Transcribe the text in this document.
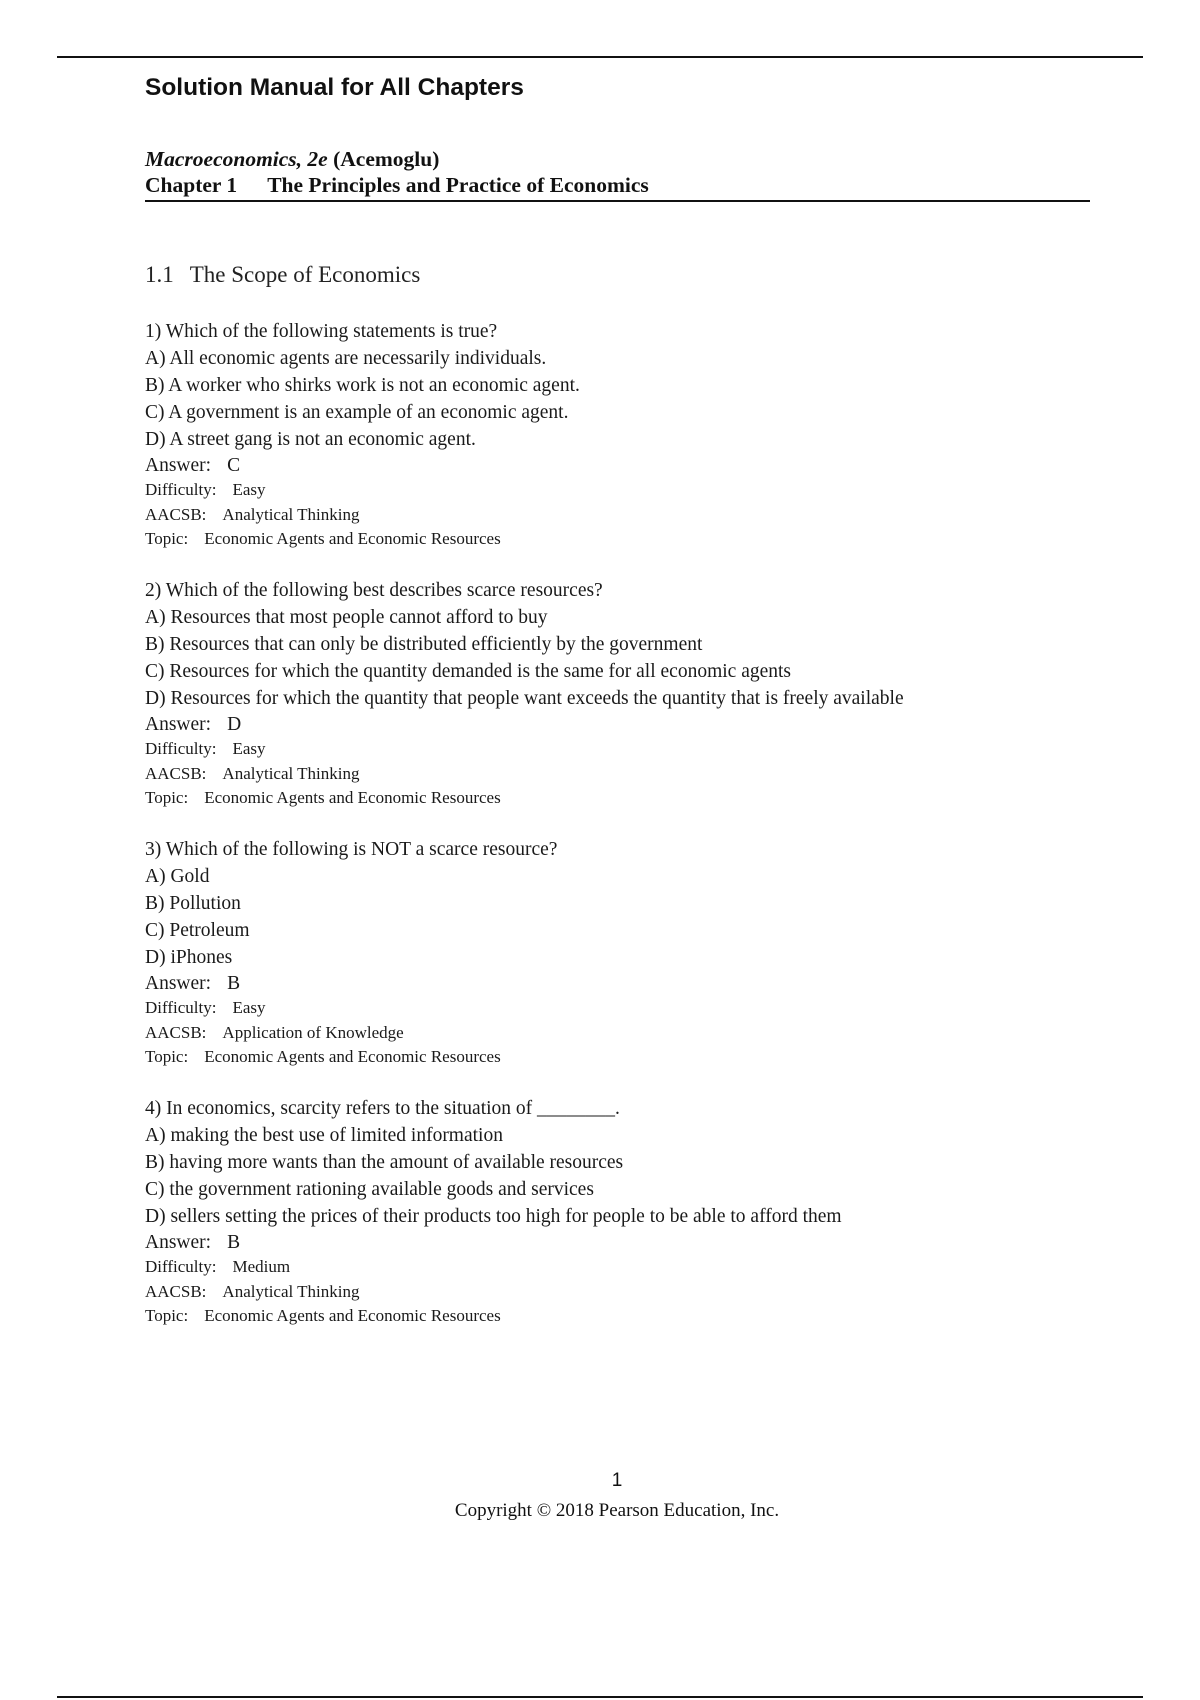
Solution Manual for All Chapters
Macroeconomics, 2e (Acemoglu)
Chapter 1 The Principles and Practice of Economics
1.1 The Scope of Economics
1) Which of the following statements is true?
A) All economic agents are necessarily individuals.
B) A worker who shirks work is not an economic agent.
C) A government is an example of an economic agent.
D) A street gang is not an economic agent.
Answer: C
Difficulty: Easy
AACSB: Analytical Thinking
Topic: Economic Agents and Economic Resources
2) Which of the following best describes scarce resources?
A) Resources that most people cannot afford to buy
B) Resources that can only be distributed efficiently by the government
C) Resources for which the quantity demanded is the same for all economic agents
D) Resources for which the quantity that people want exceeds the quantity that is freely available
Answer: D
Difficulty: Easy
AACSB: Analytical Thinking
Topic: Economic Agents and Economic Resources
3) Which of the following is NOT a scarce resource?
A) Gold
B) Pollution
C) Petroleum
D) iPhones
Answer: B
Difficulty: Easy
AACSB: Application of Knowledge
Topic: Economic Agents and Economic Resources
4) In economics, scarcity refers to the situation of ________.
A) making the best use of limited information
B) having more wants than the amount of available resources
C) the government rationing available goods and services
D) sellers setting the prices of their products too high for people to be able to afford them
Answer: B
Difficulty: Medium
AACSB: Analytical Thinking
Topic: Economic Agents and Economic Resources
1
Copyright © 2018 Pearson Education, Inc.
